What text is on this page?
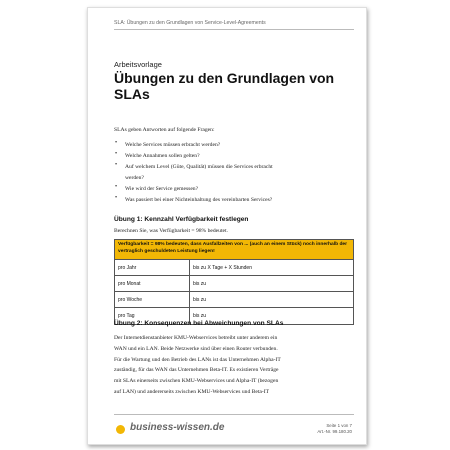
SLA: Übungen zu den Grundlagen von Service-Level-Agreements
Arbeitsvorlage
Übungen zu den Grundlagen von SLAs
SLAs geben Antworten auf folgende Fragen:
• Welche Services müssen erbracht werden?
• Welche Annahmen sollen gelten?
• Auf welchem Level (Güte, Qualität) müssen die Services erbracht
werden?
• Wie wird der Service gemessen?
• Was passiert bei einer Nichteinhaltung des vereinbarten Services?
Übung 1: Kennzahl Verfügbarkeit festlegen
Berechnen Sie, was Verfügbarkeit = 98% bedeutet.
Verfügbarkeit = 98% bedeuten, dass Ausfallzeiten von ... (auch an einem Stück) noch innerhalb der vertraglich geschuldeten Leistung liegen!
pro Jahr	bis zu X Tage + X Stunden
pro Monat	bis zu
pro Woche	bis zu
pro Tag	bis zu
Übung 2: Konsequenzen bei Abweichungen von SLAs
Der Internetdienstanbieter KMU-Webservices betreibt unter anderem ein
WAN und ein LAN. Beide Netzwerke sind über einen Router verbunden.
Für die Wartung und den Betrieb des LANs ist das Unternehmen Alpha-IT
zuständig, für das WAN das Unternehmen Beta-IT. Es existieren Verträge
mit SLAs einerseits zwischen KMU-Webservices und Alpha-IT (bezogen
auf LAN) und andererseits zwischen KMU-Webservices und Beta-IT
business-wissen.de	Seite 1 von 7
Art.-Nr. 99.180.20
